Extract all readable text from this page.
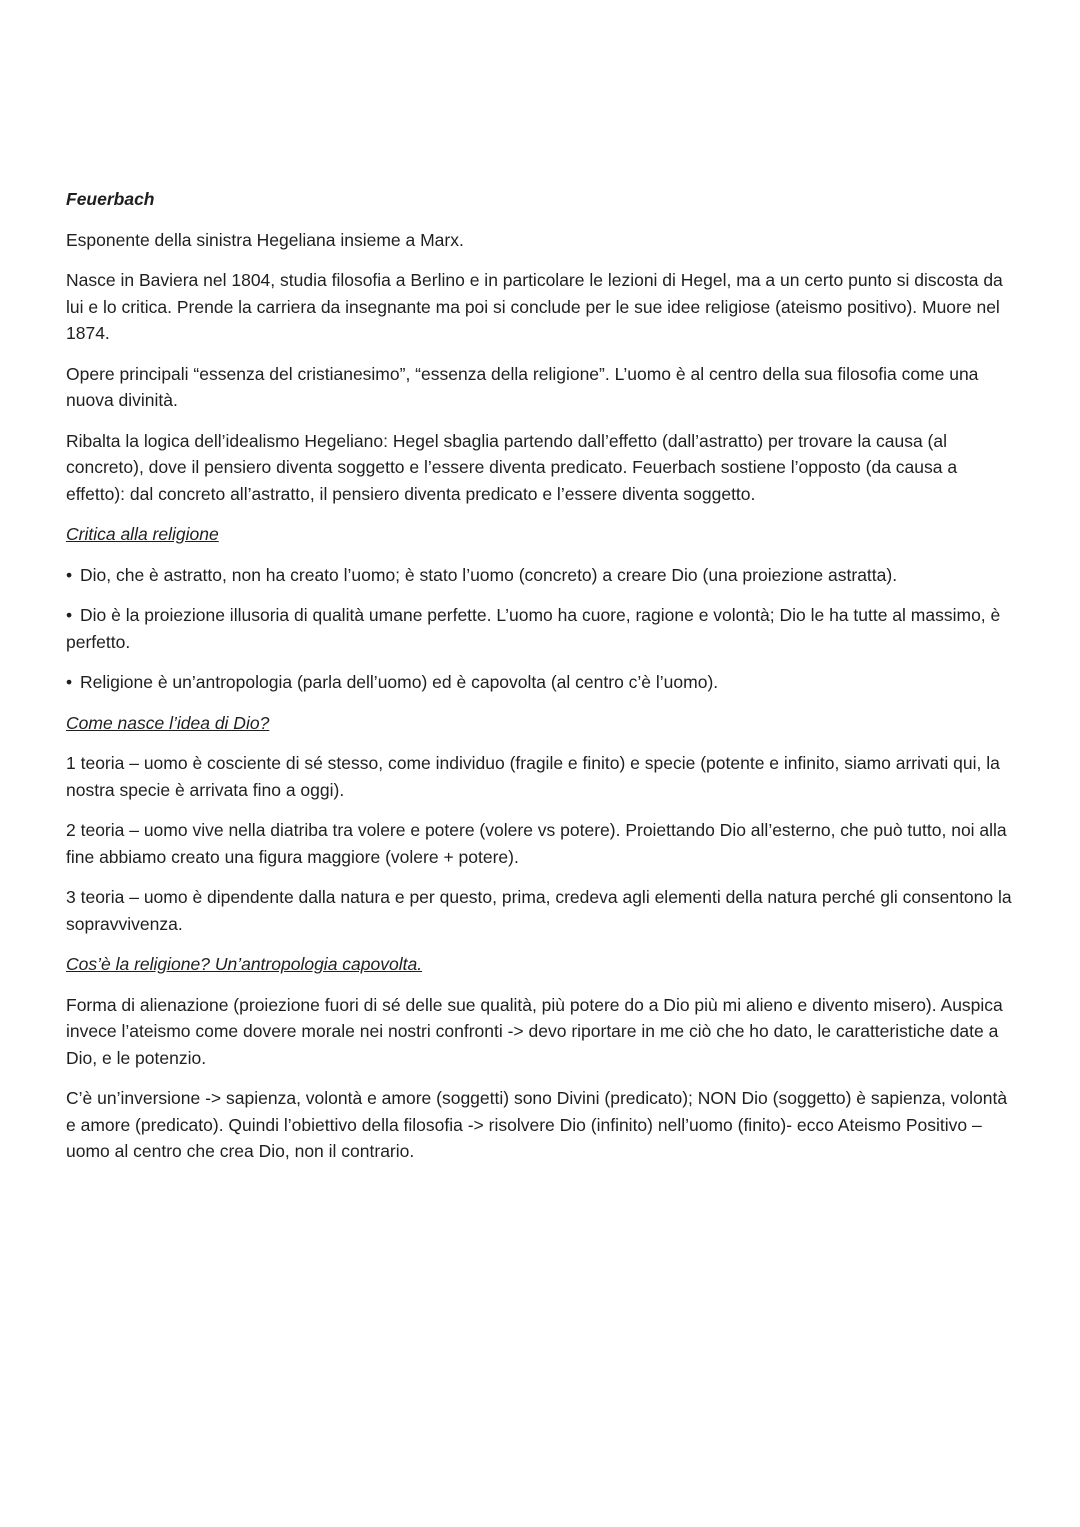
Feuerbach
Esponente della sinistra Hegeliana insieme a Marx.
Nasce in Baviera nel 1804, studia filosofia a Berlino e in particolare le lezioni di Hegel, ma a un certo punto si discosta da lui e lo critica. Prende la carriera da insegnante ma poi si conclude per le sue idee religiose (ateismo positivo). Muore nel 1874.
Opere principali “essenza del cristianesimo”, “essenza della religione”. L’uomo è al centro della sua filosofia come una nuova divinità.
Ribalta la logica dell’idealismo Hegeliano: Hegel sbaglia partendo dall’effetto (dall’astratto) per trovare la causa (al concreto), dove il pensiero diventa soggetto e l’essere diventa predicato. Feuerbach sostiene l’opposto (da causa a effetto): dal concreto all’astratto, il pensiero diventa predicato e l’essere diventa soggetto.
Critica alla religione
• Dio, che è astratto, non ha creato l’uomo; è stato l’uomo (concreto) a creare Dio (una proiezione astratta).
• Dio è la proiezione illusoria di qualità umane perfette. L’uomo ha cuore, ragione e volontà; Dio le ha tutte al massimo, è perfetto.
• Religione è un’antropologia (parla dell’uomo) ed è capovolta (al centro c’è l’uomo).
Come nasce l’idea di Dio?
1 teoria – uomo è cosciente di sé stesso, come individuo (fragile e finito) e specie (potente e infinito, siamo arrivati qui, la nostra specie è arrivata fino a oggi).
2 teoria – uomo vive nella diatriba tra volere e potere (volere vs potere). Proiettando Dio all’esterno, che può tutto, noi alla fine abbiamo creato una figura maggiore (volere + potere).
3 teoria – uomo è dipendente dalla natura e per questo, prima, credeva agli elementi della natura perché gli consentono la sopravvivenza.
Cos’è la religione? Un’antropologia capovolta.
Forma di alienazione (proiezione fuori di sé delle sue qualità, più potere do a Dio più mi alieno e divento misero). Auspica invece l’ateismo come dovere morale nei nostri confronti -> devo riportare in me ciò che ho dato, le caratteristiche date a Dio, e le potenzio.
C’è un’inversione -> sapienza, volontà e amore (soggetti) sono Divini (predicato); NON Dio (soggetto) è sapienza, volontà e amore (predicato). Quindi l’obiettivo della filosofia -> risolvere Dio (infinito) nell’uomo (finito)- ecco Ateismo Positivo – uomo al centro che crea Dio, non il contrario.
